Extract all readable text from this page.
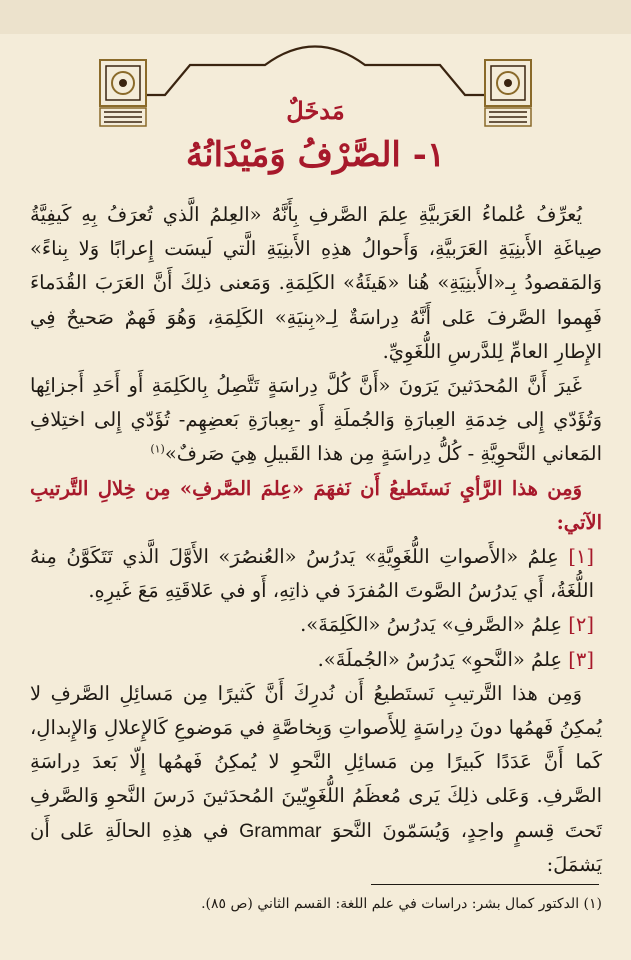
مَدخَلٌ
١- الصَّرْفُ وَمَيْدَانُهُ

يُعرِّفُ عُلماءُ العَرَبيَّةِ عِلمَ الصَّرفِ بِأَنَّهُ «العِلمُ الَّذي تُعرَفُ بِهِ كَيفِيَّةُ صِياغَةِ الأَبنِيَةِ العَرَبيَّةِ، وَأَحوالُ هذِهِ الأَبنِيَةِ الَّتي لَيسَت إِعرابًا وَلا بِناءً» وَالمَقصودُ بِـ«الأَبنِيَةِ» هُنا «هَيئَةُ» الكَلِمَةِ. وَمَعنى ذلِكَ أَنَّ العَرَبَ القُدَماءَ فَهِموا الصَّرفَ عَلى أَنَّهُ دِراسَةٌ لِـ«بِنيَةِ» الكَلِمَةِ، وَهُوَ فَهمٌ صَحيحٌ فِي الإِطارِ العامِّ لِلدَّرسِ اللُّغَوِيِّ.

غَيرَ أَنَّ المُحدَثينَ يَرَونَ «أَنَّ كُلَّ دِراسَةٍ تَتَّصِلُ بِالكَلِمَةِ أَو أَحَدِ أَجزائِها وَتُؤَدّي إِلى خِدمَةِ العِبارَةِ وَالجُملَةِ أَو -بِعِبارَةِ بَعضِهِم- تُؤَدّي إِلى اختِلافِ المَعاني النَّحوِيَّةِ - كُلُّ دِراسَةٍ مِن هذا القَبيلِ هِيَ صَرفٌ»$^{(١)}$

وَمِن هذا الرَّأيِ نَستَطيعُ أَن نَفهَمَ «عِلمَ الصَّرفِ» مِن خِلالِ التَّرتيبِ الآتي:

[١] عِلمُ «الأَصواتِ اللُّغَوِيَّةِ» يَدرُسُ «العُنصُرَ» الأَوَّلَ الَّذي تَتَكَوَّنُ مِنهُ اللُّغَةُ، أَي يَدرُسُ الصَّوتَ المُفرَدَ في ذاتِهِ، أَو في عَلاقَتِهِ مَعَ غَيرِهِ.

[٢] عِلمُ «الصَّرفِ» يَدرُسُ «الكَلِمَةَ».

[٣] عِلمُ «النَّحوِ» يَدرُسُ «الجُملَةَ».

وَمِن هذا التَّرتيبِ نَستَطيعُ أَن نُدرِكَ أَنَّ كَثيرًا مِن مَسائِلِ الصَّرفِ لا يُمكِنُ فَهمُها دونَ دِراسَةٍ لِلأَصواتِ وَبِخاصَّةٍ في مَوضوعِ كَالإِعلالِ وَالإِبدالِ، كَما أَنَّ عَدَدًا كَبيرًا مِن مَسائِلِ النَّحوِ لا يُمكِنُ فَهمُها إِلّا بَعدَ دِراسَةِ الصَّرفِ. وَعَلى ذلِكَ يَرى مُعظَمُ اللُّغَوِيّينَ المُحدَثينَ دَرسَ النَّحوِ وَالصَّرفِ تَحتَ قِسمٍ واحِدٍ، وَيُسَمّونَ النَّحوَ Grammar في هذِهِ الحالَةِ عَلى أَن يَشمَلَ:

(١) الدكتور كمال بشر: دراسات في علم اللغة: القسم الثاني (ص ٨٥).
